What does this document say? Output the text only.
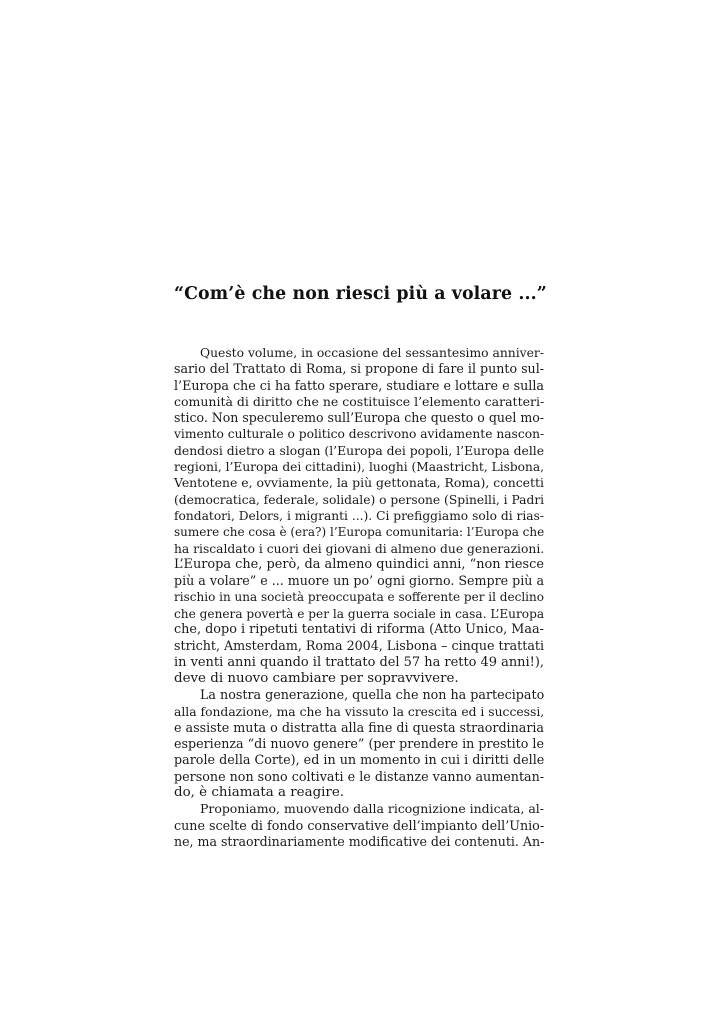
“Com’è che non riesci più a volare ...”
Questo volume, in occasione del sessantesimo anniver-
sario del Trattato di Roma, si propone di fare il punto sul-
l’Europa che ci ha fatto sperare, studiare e lottare e sulla
comunità di diritto che ne costituisce l’elemento caratteri-
stico. Non speculeremo sull’Europa che questo o quel mo-
vimento culturale o politico descrivono avidamente nascon-
dendosi dietro a slogan (l’Europa dei popoli, l’Europa delle
regioni, l’Europa dei cittadini), luoghi (Maastricht, Lisbona,
Ventotene e, ovviamente, la più gettonata, Roma), concetti
(democratica, federale, solidale) o persone (Spinelli, i Padri
fondatori, Delors, i migranti ...). Ci prefiggiamo solo di rias-
sumere che cosa è (era?) l’Europa comunitaria: l’Europa che
ha riscaldato i cuori dei giovani di almeno due generazioni.
L’Europa che, però, da almeno quindici anni, “non riesce
più a volare” e ... muore un po’ ogni giorno. Sempre più a
rischio in una società preoccupata e sofferente per il declino
che genera povertà e per la guerra sociale in casa. L’Europa
che, dopo i ripetuti tentativi di riforma (Atto Unico, Maa-
stricht, Amsterdam, Roma 2004, Lisbona – cinque trattati
in venti anni quando il trattato del 57 ha retto 49 anni!),
deve di nuovo cambiare per sopravvivere.
La nostra generazione, quella che non ha partecipato
alla fondazione, ma che ha vissuto la crescita ed i successi,
e assiste muta o distratta alla fine di questa straordinaria
esperienza “di nuovo genere” (per prendere in prestito le
parole della Corte), ed in un momento in cui i diritti delle
persone non sono coltivati e le distanze vanno aumentan-
do, è chiamata a reagire.
Proponiamo, muovendo dalla ricognizione indicata, al-
cune scelte di fondo conservative dell’impianto dell’Unio-
ne, ma straordinariamente modificative dei contenuti. An-
